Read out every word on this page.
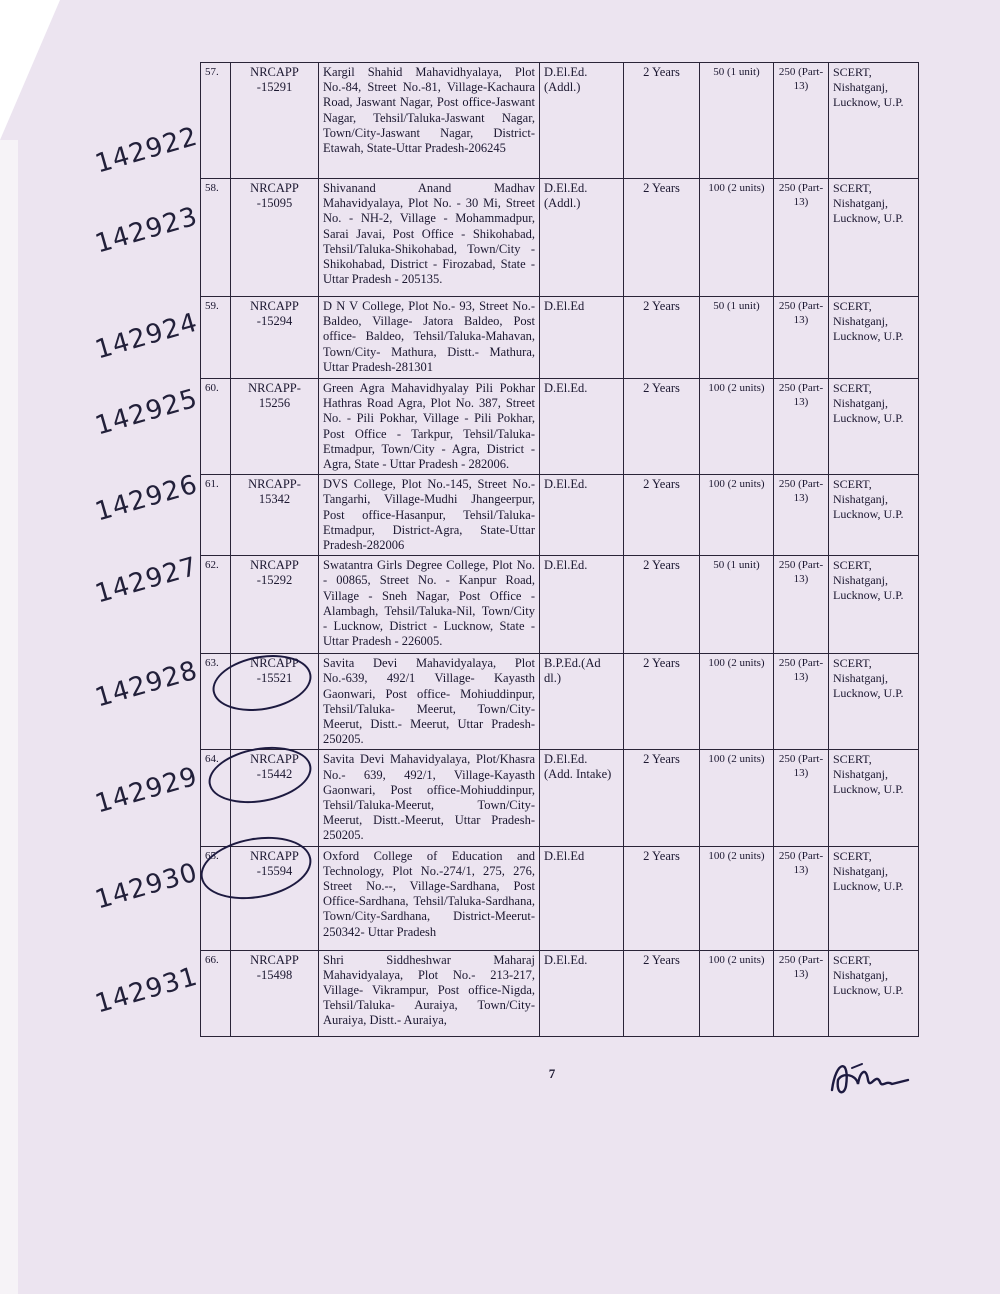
57.	NRCAPP -15291	Kargil Shahid Mahavidhyalaya, Plot No.-84, Street No.-81, Village-Kachaura Road, Jaswant Nagar, Post office-Jaswant Nagar, Tehsil/Taluka-Jaswant Nagar, Town/City-Jaswant Nagar, District-Etawah, State-Uttar Pradesh-206245	D.El.Ed. (Addl.)	2 Years	50 (1 unit)	250 (Part-13)	SCERT, Nishatganj, Lucknow, U.P.
58.	NRCAPP -15095	Shivanand Anand Madhav Mahavidyalaya, Plot No. - 30 Mi, Street No. - NH-2, Village - Mohammadpur, Sarai Javai, Post Office - Shikohabad, Tehsil/Taluka-Shikohabad, Town/City - Shikohabad, District - Firozabad, State - Uttar Pradesh - 205135.	D.El.Ed. (Addl.)	2 Years	100 (2 units)	250 (Part-13)	SCERT, Nishatganj, Lucknow, U.P.
59.	NRCAPP -15294	D N V College, Plot No.- 93, Street No.- Baldeo, Village- Jatora Baldeo, Post office- Baldeo, Tehsil/Taluka-Mahavan, Town/City- Mathura, Distt.- Mathura, Uttar Pradesh-281301	D.El.Ed	2 Years	50 (1 unit)	250 (Part-13)	SCERT, Nishatganj, Lucknow, U.P.
60.	NRCAPP-15256	Green Agra Mahavidhyalay Pili Pokhar Hathras Road Agra, Plot No. 387, Street No. - Pili Pokhar, Village - Pili Pokhar, Post Office - Tarkpur, Tehsil/Taluka-Etmadpur, Town/City - Agra, District - Agra, State - Uttar Pradesh - 282006.	D.El.Ed.	2 Years	100 (2 units)	250 (Part-13)	SCERT, Nishatganj, Lucknow, U.P.
61.	NRCAPP-15342	DVS College, Plot No.-145, Street No.-Tangarhi, Village-Mudhi Jhangeerpur, Post office-Hasanpur, Tehsil/Taluka-Etmadpur, District-Agra, State-Uttar Pradesh-282006	D.El.Ed.	2 Years	100 (2 units)	250 (Part-13)	SCERT, Nishatganj, Lucknow, U.P.
62.	NRCAPP -15292	Swatantra Girls Degree College, Plot No. - 00865, Street No. - Kanpur Road, Village - Sneh Nagar, Post Office - Alambagh, Tehsil/Taluka-Nil, Town/City - Lucknow, District - Lucknow, State - Uttar Pradesh - 226005.	D.El.Ed.	2 Years	50 (1 unit)	250 (Part-13)	SCERT, Nishatganj, Lucknow, U.P.
63.	NRCAPP -15521	Savita Devi Mahavidyalaya, Plot No.-639, 492/1 Village- Kayasth Gaonwari, Post office- Mohiuddinpur, Tehsil/Taluka- Meerut, Town/City-Meerut, Distt.- Meerut, Uttar Pradesh-250205.	B.P.Ed.(Ad dl.)	2 Years	100 (2 units)	250 (Part-13)	SCERT, Nishatganj, Lucknow, U.P.
64.	NRCAPP -15442	Savita Devi Mahavidyalaya, Plot/Khasra No.- 639, 492/1, Village-Kayasth Gaonwari, Post office-Mohiuddinpur, Tehsil/Taluka-Meerut, Town/City- Meerut, Distt.-Meerut, Uttar Pradesh-250205.	D.El.Ed. (Add. Intake)	2 Years	100 (2 units)	250 (Part-13)	SCERT, Nishatganj, Lucknow, U.P.
65.	NRCAPP -15594	Oxford College of Education and Technology, Plot No.-274/1, 275, 276, Street No.--, Village-Sardhana, Post Office-Sardhana, Tehsil/Taluka-Sardhana, Town/City-Sardhana, District-Meerut-250342- Uttar Pradesh	D.El.Ed	2 Years	100 (2 units)	250 (Part-13)	SCERT, Nishatganj, Lucknow, U.P.
66.	NRCAPP -15498	Shri Siddheshwar Maharaj Mahavidyalaya, Plot No.- 213-217, Village- Vikrampur, Post office-Nigda, Tehsil/Taluka- Auraiya, Town/City- Auraiya, Distt.- Auraiya,	D.El.Ed.	2 Years	100 (2 units)	250 (Part-13)	SCERT, Nishatganj, Lucknow, U.P.
142922
142923
142924
142925
142926
142927
142928
142929
142930
142931
7
